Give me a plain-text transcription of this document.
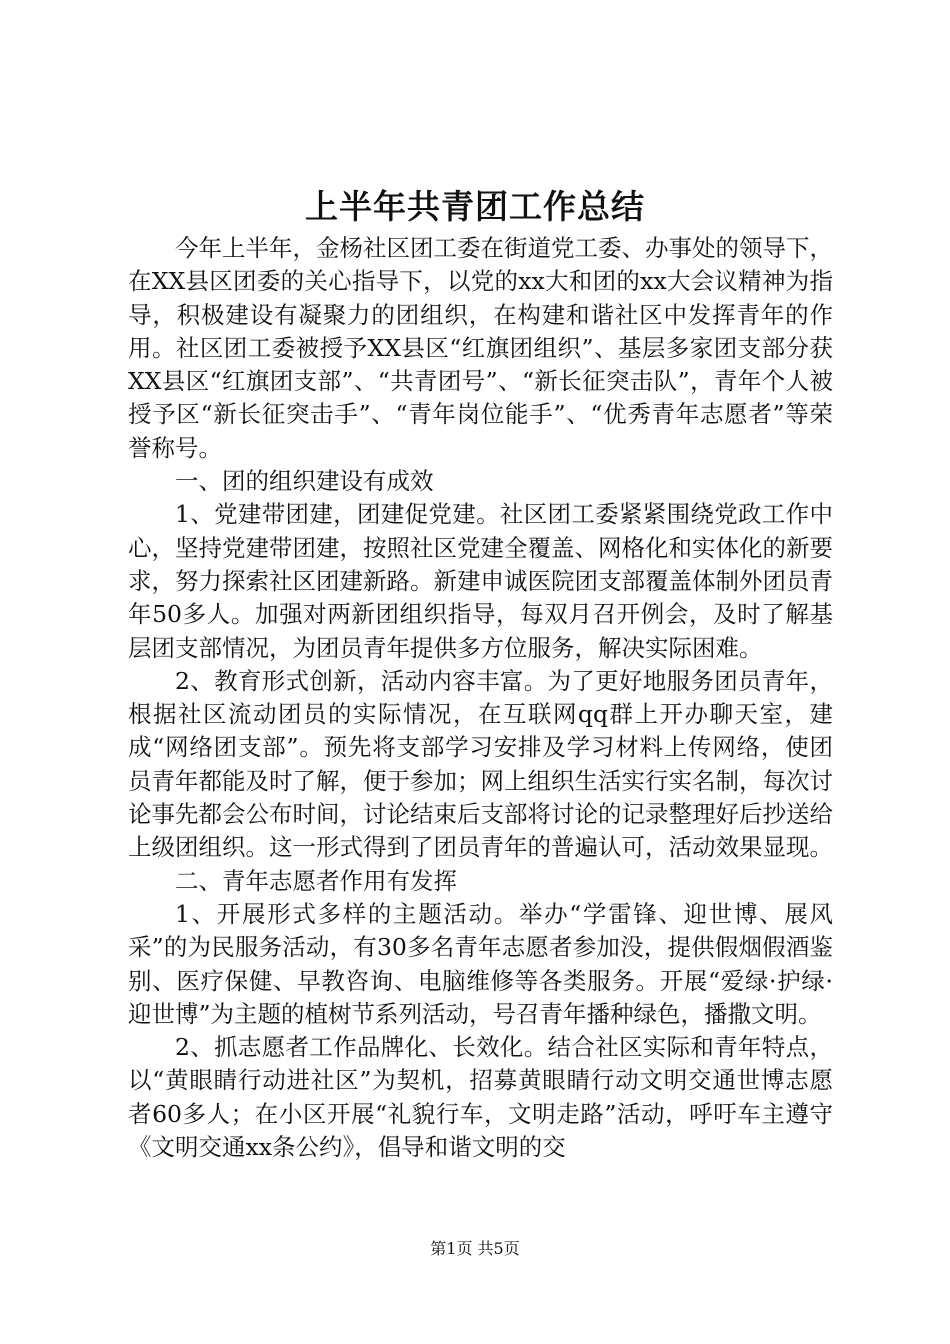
上半年共青团工作总结

今年上半年，金杨社区团工委在街道党工委、办事处的领导下，在XX县区团委的关心指导下，以党的xx大和团的xx大会议精神为指导，积极建设有凝聚力的团组织，在构建和谐社区中发挥青年的作用。社区团工委被授予XX县区“红旗团组织”、基层多家团支部分获XX县区“红旗团支部”、“共青团号”、“新长征突击队”，青年个人被授予区“新长征突击手”、“青年岗位能手”、“优秀青年志愿者”等荣誉称号。

一、团的组织建设有成效

1、党建带团建，团建促党建。社区团工委紧紧围绕党政工作中心，坚持党建带团建，按照社区党建全覆盖、网格化和实体化的新要求，努力探索社区团建新路。新建申诚医院团支部覆盖体制外团员青年50多人。加强对两新团组织指导，每双月召开例会，及时了解基层团支部情况，为团员青年提供多方位服务，解决实际困难。

2、教育形式创新，活动内容丰富。为了更好地服务团员青年，根据社区流动团员的实际情况，在互联网qq群上开办聊天室，建成“网络团支部”。预先将支部学习安排及学习材料上传网络，使团员青年都能及时了解，便于参加；网上组织生活实行实名制，每次讨论事先都会公布时间，讨论结束后支部将讨论的记录整理好后抄送给上级团组织。这一形式得到了团员青年的普遍认可，活动效果显现。

二、青年志愿者作用有发挥

1、开展形式多样的主题活动。举办“学雷锋、迎世博、展风采”的为民服务活动，有30多名青年志愿者参加没，提供假烟假酒鉴别、医疗保健、早教咨询、电脑维修等各类服务。开展“爱绿·护绿·迎世博”为主题的植树节系列活动，号召青年播种绿色，播撒文明。

2、抓志愿者工作品牌化、长效化。结合社区实际和青年特点，以“黄眼睛行动进社区”为契机，招募黄眼睛行动文明交通世博志愿者60多人；在小区开展“礼貌行车，文明走路”活动，呼吁车主遵守《文明交通xx条公约》，倡导和谐文明的交

第1页 共5页
